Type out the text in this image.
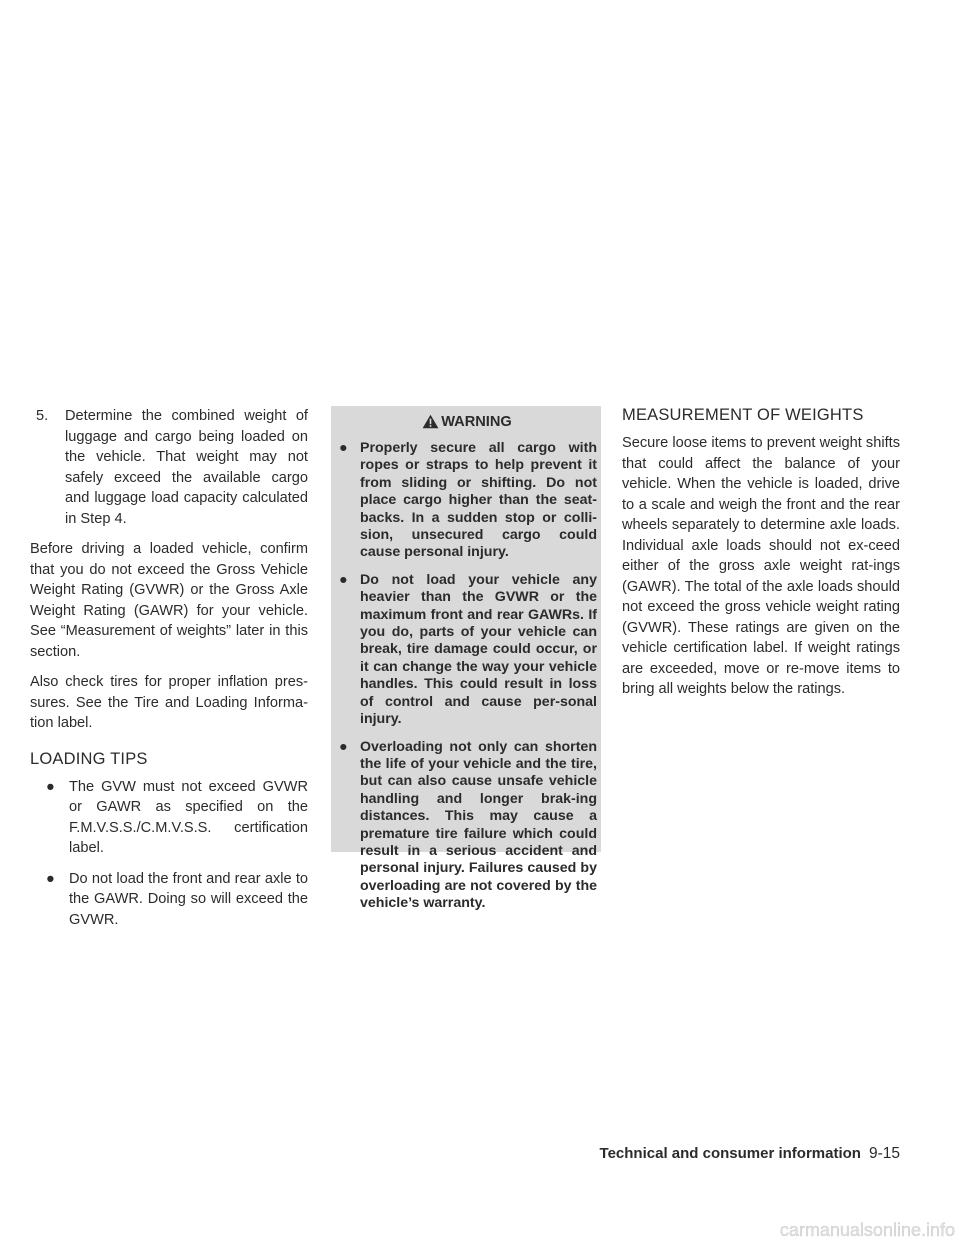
5. Determine the combined weight of luggage and cargo being loaded on the vehicle. That weight may not safely exceed the available cargo and luggage load capacity calculated in Step 4.

Before driving a loaded vehicle, confirm that you do not exceed the Gross Vehicle Weight Rating (GVWR) or the Gross Axle Weight Rating (GAWR) for your vehicle. See “Measurement of weights” later in this section.

Also check tires for proper inflation pres-sures. See the Tire and Loading Informa-tion label.

LOADING TIPS
● The GVW must not exceed GVWR or GAWR as specified on the F.M.V.S.S./C.M.V.S.S. certification label.
● Do not load the front and rear axle to the GAWR. Doing so will exceed the GVWR.
WARNING
● Properly secure all cargo with ropes or straps to help prevent it from sliding or shifting. Do not place cargo higher than the seat-backs. In a sudden stop or colli-sion, unsecured cargo could cause personal injury.
● Do not load your vehicle any heavier than the GVWR or the maximum front and rear GAWRs. If you do, parts of your vehicle can break, tire damage could occur, or it can change the way your vehicle handles. This could result in loss of control and cause per-sonal injury.
● Overloading not only can shorten the life of your vehicle and the tire, but can also cause unsafe vehicle handling and longer brak-ing distances. This may cause a premature tire failure which could result in a serious accident and personal injury. Failures caused by overloading are not covered by the vehicle’s warranty.
MEASUREMENT OF WEIGHTS

Secure loose items to prevent weight shifts that could affect the balance of your vehicle. When the vehicle is loaded, drive to a scale and weigh the front and the rear wheels separately to determine axle loads. Individual axle loads should not ex-ceed either of the gross axle weight rat-ings (GAWR). The total of the axle loads should not exceed the gross vehicle weight rating (GVWR). These ratings are given on the vehicle certification label. If weight ratings are exceeded, move or re-move items to bring all weights below the ratings.

Technical and consumer information 9-15
carmanualsonline.info
